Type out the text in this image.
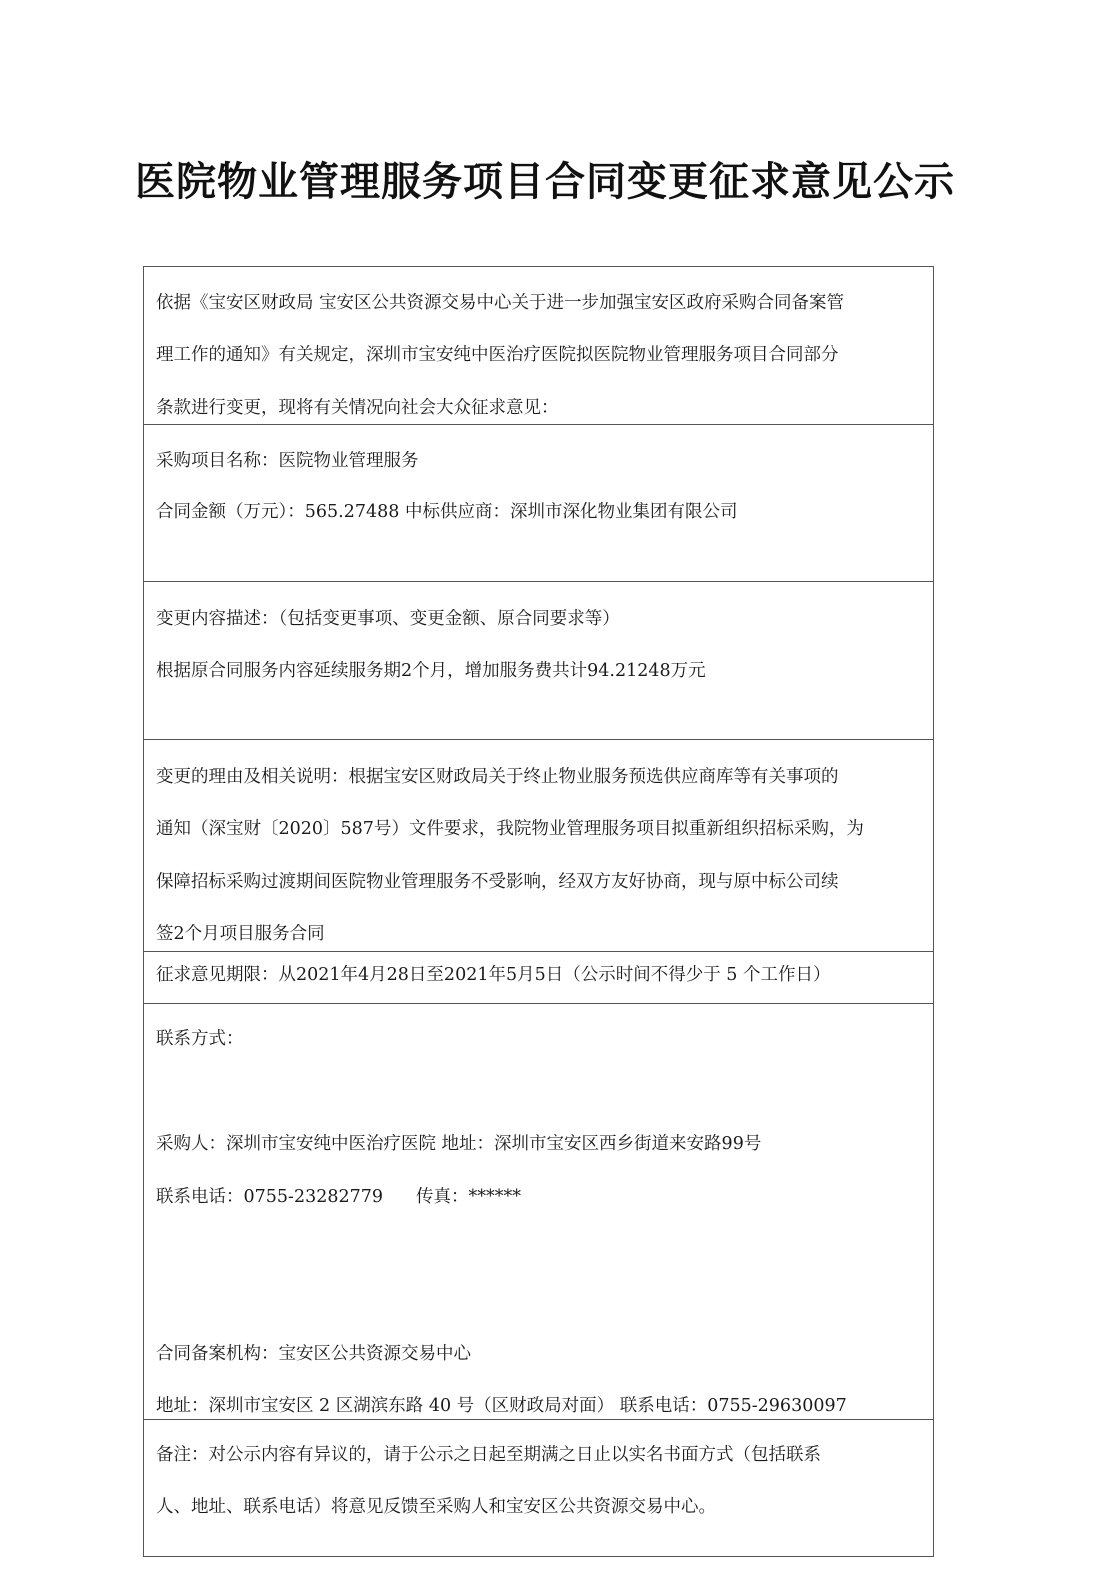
医院物业管理服务项目合同变更征求意见公示
依据《宝安区财政局 宝安区公共资源交易中心关于进一步加强宝安区政府采购合同备案管
理工作的通知》有关规定，深圳市宝安纯中医治疗医院拟医院物业管理服务项目合同部分
条款进行变更，现将有关情况向社会大众征求意见：
采购项目名称：医院物业管理服务
合同金额（万元）：565.27488 中标供应商：深圳市深化物业集团有限公司
变更内容描述：（包括变更事项、变更金额、原合同要求等）
根据原合同服务内容延续服务期2个月，增加服务费共计94.21248万元
变更的理由及相关说明：根据宝安区财政局关于终止物业服务预选供应商库等有关事项的
通知（深宝财〔2020〕587号）文件要求，我院物业管理服务项目拟重新组织招标采购，为
保障招标采购过渡期间医院物业管理服务不受影响，经双方友好协商，现与原中标公司续
签2个月项目服务合同
征求意见期限：从2021年4月28日至2021年5月5日（公示时间不得少于 5 个工作日）
联系方式：
采购人：深圳市宝安纯中医治疗医院 地址：深圳市宝安区西乡街道来安路99号
联系电话：0755-23282779	传真：******
合同备案机构：宝安区公共资源交易中心
地址：深圳市宝安区 2 区湖滨东路 40 号（区财政局对面） 联系电话：0755-29630097
备注：对公示内容有异议的，请于公示之日起至期满之日止以实名书面方式（包括联系
人、地址、联系电话）将意见反馈至采购人和宝安区公共资源交易中心。
